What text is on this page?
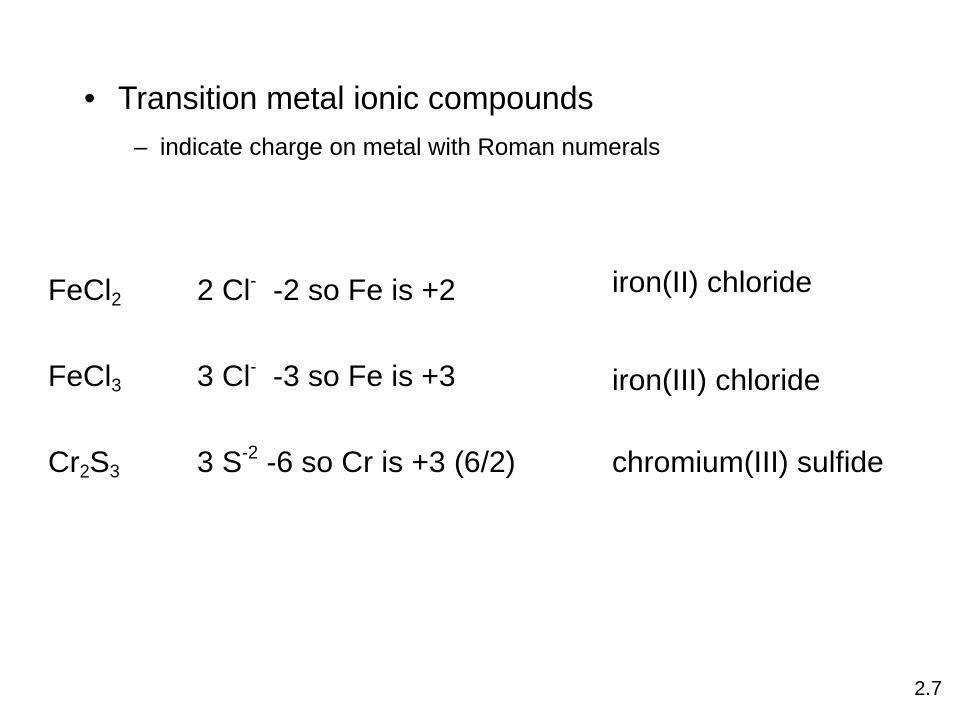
• Transition metal ionic compounds
– indicate charge on metal with Roman numerals
FeCl$_2$	2 Cl-  -2 so Fe is +2	iron(II) chloride
FeCl$_3$	3 Cl-  -3 so Fe is +3	iron(III) chloride
$Cr_2S_3$	3 $S^{-2}$ -6 so Cr is +3 (6/2)	chromium(III) sulfide
2.7
